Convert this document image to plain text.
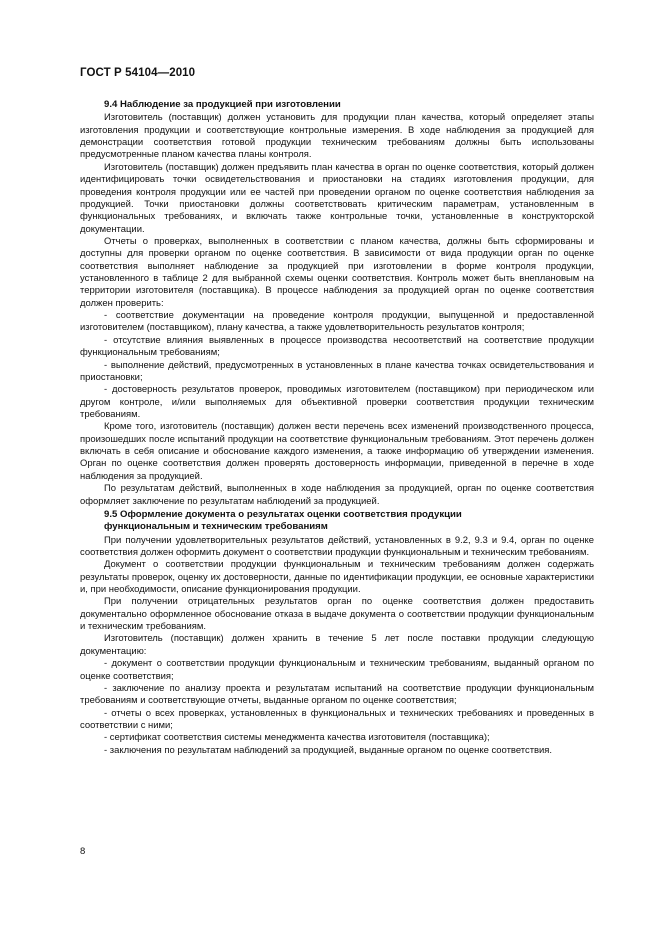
ГОСТ Р 54104—2010
9.4 Наблюдение за продукцией при изготовлении

Изготовитель (поставщик) должен установить для продукции план качества, который определяет этапы изготовления продукции и соответствующие контрольные измерения. В ходе наблюдения за продукцией для демонстрации соответствия готовой продукции техническим требованиям должны быть использованы предусмотренные планом качества планы контроля.

Изготовитель (поставщик) должен предъявить план качества в орган по оценке соответствия, который должен идентифицировать точки освидетельствования и приостановки на стадиях изготовления продукции, для проведения контроля продукции или ее частей при проведении органом по оценке соответствия наблюдения за продукцией. Точки приостановки должны соответствовать критическим параметрам, установленным в функциональных требованиях, и включать также контрольные точки, установленные в конструкторской документации.

Отчеты о проверках, выполненных в соответствии с планом качества, должны быть сформированы и доступны для проверки органом по оценке соответствия. В зависимости от вида продукции орган по оценке соответствия выполняет наблюдение за продукцией при изготовлении в форме контроля продукции, установленного в таблице 2 для выбранной схемы оценки соответствия. Контроль может быть внеплановым на территории изготовителя (поставщика). В процессе наблюдения за продукцией орган по оценке соответствия должен проверить:

- соответствие документации на проведение контроля продукции, выпущенной и предоставленной изготовителем (поставщиком), плану качества, а также удовлетворительность результатов контроля;

- отсутствие влияния выявленных в процессе производства несоответствий на соответствие продукции функциональным требованиям;

- выполнение действий, предусмотренных в установленных в плане качества точках освидетельствования и приостановки;

- достоверность результатов проверок, проводимых изготовителем (поставщиком) при периодическом или другом контроле, и/или выполняемых для объективной проверки соответствия продукции техническим требованиям.

Кроме того, изготовитель (поставщик) должен вести перечень всех изменений производственного процесса, произошедших после испытаний продукции на соответствие функциональным требованиям. Этот перечень должен включать в себя описание и обоснование каждого изменения, а также информацию об утверждении изменения. Орган по оценке соответствия должен проверять достоверность информации, приведенной в перечне в ходе наблюдения за продукцией.

По результатам действий, выполненных в ходе наблюдения за продукцией, орган по оценке соответствия оформляет заключение по результатам наблюдений за продукцией.

9.5 Оформление документа о результатах оценки соответствия продукции
функциональным и техническим требованиям

При получении удовлетворительных результатов действий, установленных в 9.2, 9.3 и 9.4, орган по оценке соответствия должен оформить документ о соответствии продукции функциональным и техническим требованиям.

Документ о соответствии продукции функциональным и техническим требованиям должен содержать результаты проверок, оценку их достоверности, данные по идентификации продукции, ее основные характеристики и, при необходимости, описание функционирования продукции.

При получении отрицательных результатов орган по оценке соответствия должен предоставить документально оформленное обоснование отказа в выдаче документа о соответствии продукции функциональным и техническим требованиям.

Изготовитель (поставщик) должен хранить в течение 5 лет после поставки продукции следующую документацию:

- документ о соответствии продукции функциональным и техническим требованиям, выданный органом по оценке соответствия;

- заключение по анализу проекта и результатам испытаний на соответствие продукции функциональным требованиям и соответствующие отчеты, выданные органом по оценке соответствия;

- отчеты о всех проверках, установленных в функциональных и технических требованиях и проведенных в соответствии с ними;

- сертификат соответствия системы менеджмента качества изготовителя (поставщика);

- заключения по результатам наблюдений за продукцией, выданные органом по оценке соответствия.

8
